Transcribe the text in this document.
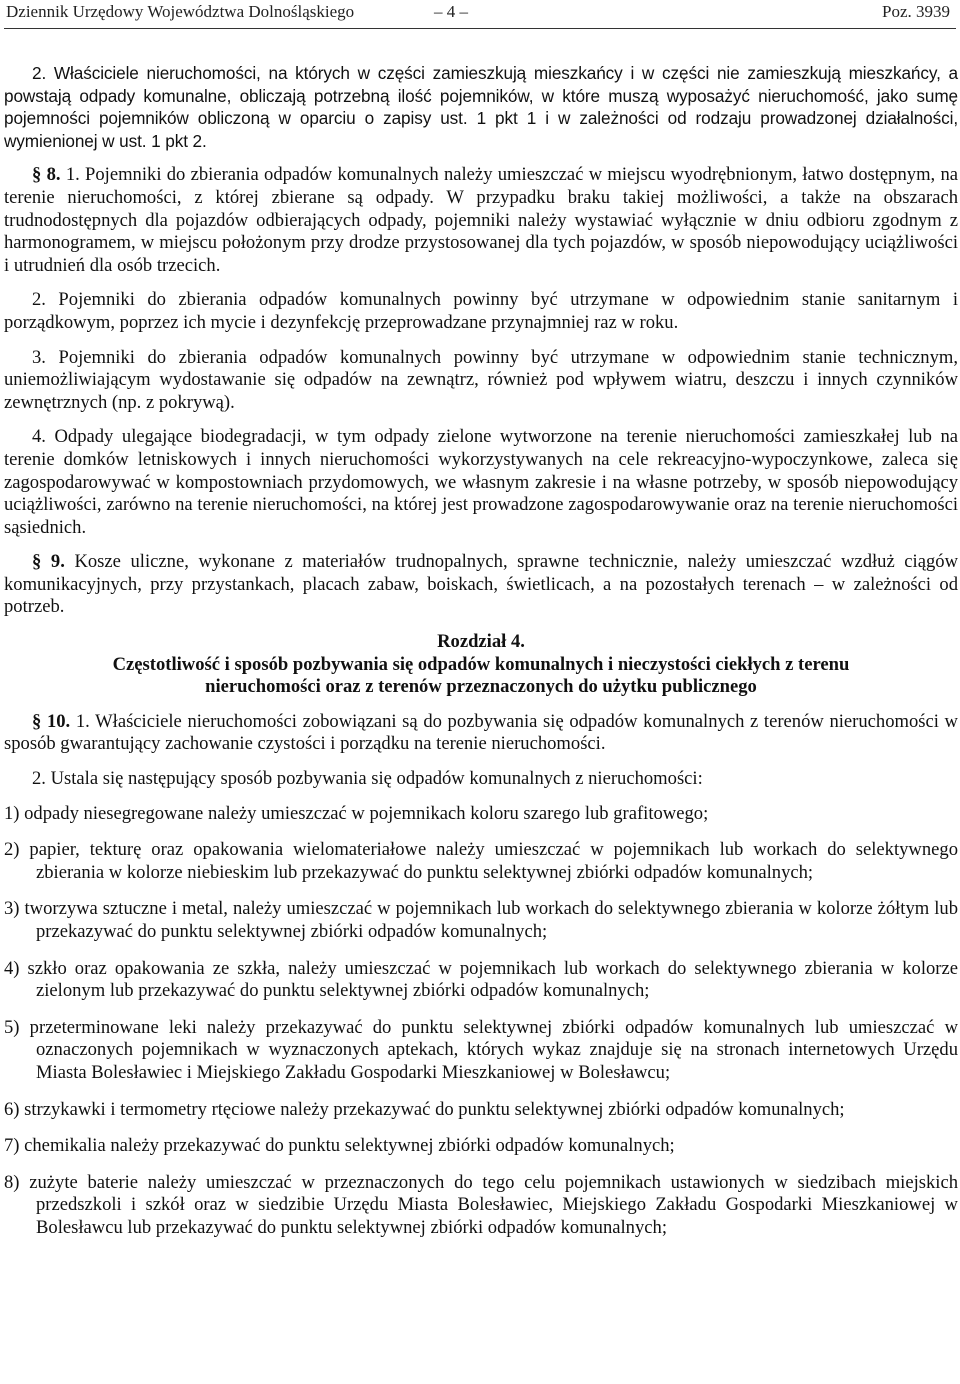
Dziennik Urzędowy Województwa Dolnośląskiego	– 4 –	Poz. 3939

2. Właściciele nieruchomości, na których w części zamieszkują mieszkańcy i w części nie zamieszkują mieszkańcy, a powstają odpady komunalne, obliczają potrzebną ilość pojemników, w które muszą wyposażyć nieruchomość, jako sumę pojemności pojemników obliczoną w oparciu o zapisy ust. 1 pkt 1 i w zależności od rodzaju prowadzonej działalności, wymienionej w ust. 1 pkt 2.

§ 8. 1. Pojemniki do zbierania odpadów komunalnych należy umieszczać w miejscu wyodrębnionym, łatwo dostępnym, na terenie nieruchomości, z której zbierane są odpady. W przypadku braku takiej możliwości, a także na obszarach trudnodostępnych dla pojazdów odbierających odpady, pojemniki należy wystawiać wyłącznie w dniu odbioru zgodnym z harmonogramem, w miejscu położonym przy drodze przystosowanej dla tych pojazdów, w sposób niepowodujący uciążliwości i utrudnień dla osób trzecich.

2. Pojemniki do zbierania odpadów komunalnych powinny być utrzymane w odpowiednim stanie sanitarnym i porządkowym, poprzez ich mycie i dezynfekcję przeprowadzane przynajmniej raz w roku.

3. Pojemniki do zbierania odpadów komunalnych powinny być utrzymane w odpowiednim stanie technicznym, uniemożliwiającym wydostawanie się odpadów na zewnątrz, również pod wpływem wiatru, deszczu i innych czynników zewnętrznych (np. z pokrywą).

4. Odpady ulegające biodegradacji, w tym odpady zielone wytworzone na terenie nieruchomości zamieszkałej lub na terenie domków letniskowych i innych nieruchomości wykorzystywanych na cele rekreacyjno-wypoczynkowe, zaleca się zagospodarowywać w kompostowniach przydomowych, we własnym zakresie i na własne potrzeby, w sposób niepowodujący uciążliwości, zarówno na terenie nieruchomości, na której jest prowadzone zagospodarowywanie oraz na terenie nieruchomości sąsiednich.

§ 9. Kosze uliczne, wykonane z materiałów trudnopalnych, sprawne technicznie, należy umieszczać wzdłuż ciągów komunikacyjnych, przy przystankach, placach zabaw, boiskach, świetlicach, a na pozostałych terenach – w zależności od potrzeb.

Rozdział 4.
Częstotliwość i sposób pozbywania się odpadów komunalnych i nieczystości ciekłych z terenu
nieruchomości oraz z terenów przeznaczonych do użytku publicznego

§ 10. 1. Właściciele nieruchomości zobowiązani są do pozbywania się odpadów komunalnych z terenów nieruchomości w sposób gwarantujący zachowanie czystości i porządku na terenie nieruchomości.

2. Ustala się następujący sposób pozbywania się odpadów komunalnych z nieruchomości:

1) odpady niesegregowane należy umieszczać w pojemnikach koloru szarego lub grafitowego;
2) papier, tekturę oraz opakowania wielomateriałowe należy umieszczać w pojemnikach lub workach do selektywnego zbierania w kolorze niebieskim lub przekazywać do punktu selektywnej zbiórki odpadów komunalnych;
3) tworzywa sztuczne i metal, należy umieszczać w pojemnikach lub workach do selektywnego zbierania w kolorze żółtym lub przekazywać do punktu selektywnej zbiórki odpadów komunalnych;
4) szkło oraz opakowania ze szkła, należy umieszczać w pojemnikach lub workach do selektywnego zbierania w kolorze zielonym lub przekazywać do punktu selektywnej zbiórki odpadów komunalnych;
5) przeterminowane leki należy przekazywać do punktu selektywnej zbiórki odpadów komunalnych lub umieszczać w oznaczonych pojemnikach w wyznaczonych aptekach, których wykaz znajduje się na stronach internetowych Urzędu Miasta Bolesławiec i Miejskiego Zakładu Gospodarki Mieszkaniowej w Bolesławcu;
6) strzykawki i termometry rtęciowe należy przekazywać do punktu selektywnej zbiórki odpadów komunalnych;
7) chemikalia należy przekazywać do punktu selektywnej zbiórki odpadów komunalnych;
8) zużyte baterie należy umieszczać w przeznaczonych do tego celu pojemnikach ustawionych w siedzibach miejskich przedszkoli i szkół oraz w siedzibie Urzędu Miasta Bolesławiec, Miejskiego Zakładu Gospodarki Mieszkaniowej w Bolesławcu lub przekazywać do punktu selektywnej zbiórki odpadów komunalnych;
